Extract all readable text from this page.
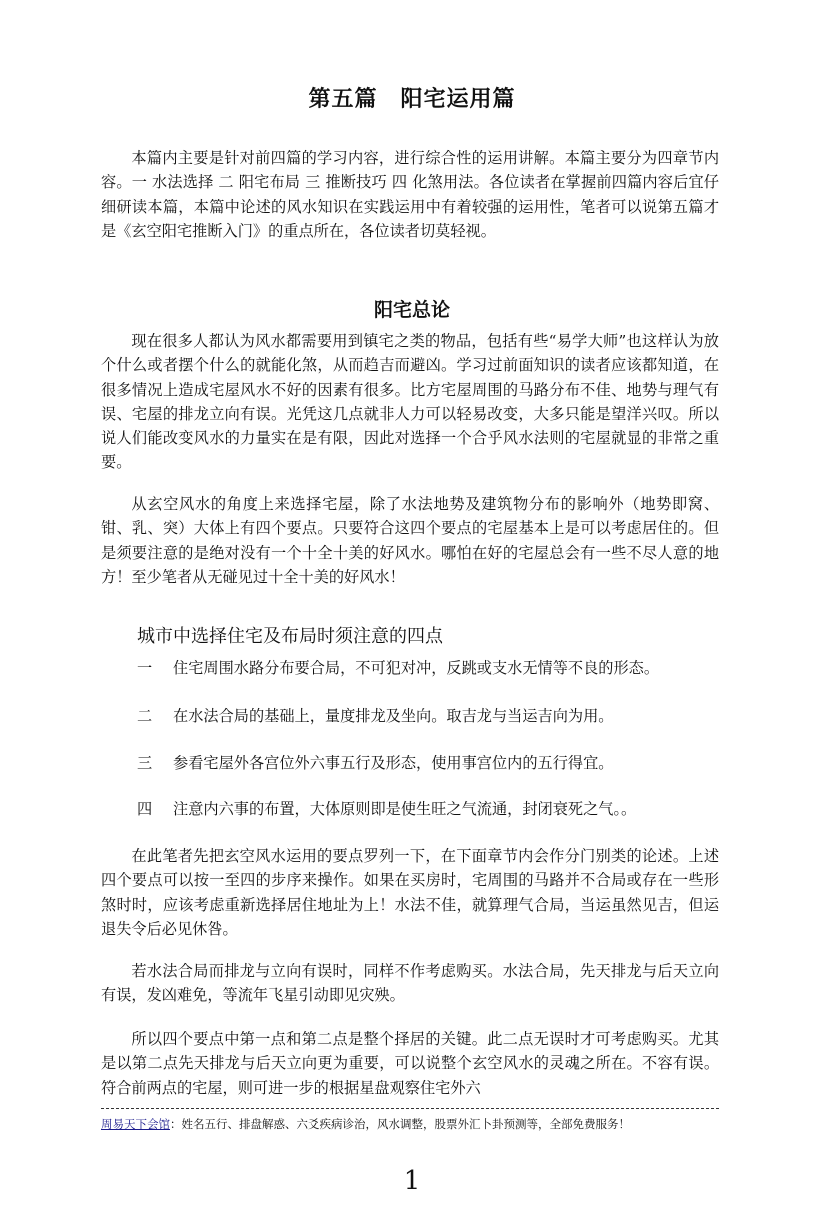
第五篇　阳宅运用篇

本篇内主要是针对前四篇的学习内容，进行综合性的运用讲解。本篇主要分为四章节内容。一 水法选择 二 阳宅布局 三 推断技巧 四 化煞用法。各位读者在掌握前四篇内容后宜仔细研读本篇，本篇中论述的风水知识在实践运用中有着较强的运用性，笔者可以说第五篇才是《玄空阳宅推断入门》的重点所在，各位读者切莫轻视。

阳宅总论

现在很多人都认为风水都需要用到镇宅之类的物品，包括有些“易学大师”也这样认为放个什么或者摆个什么的就能化煞，从而趋吉而避凶。学习过前面知识的读者应该都知道，在很多情况上造成宅屋风水不好的因素有很多。比方宅屋周围的马路分布不佳、地势与理气有误、宅屋的排龙立向有误。光凭这几点就非人力可以轻易改变，大多只能是望洋兴叹。所以说人们能改变风水的力量实在是有限，因此对选择一个合乎风水法则的宅屋就显的非常之重要。

从玄空风水的角度上来选择宅屋，除了水法地势及建筑物分布的影响外（地势即窝、钳、乳、突）大体上有四个要点。只要符合这四个要点的宅屋基本上是可以考虑居住的。但是须要注意的是绝对没有一个十全十美的好风水。哪怕在好的宅屋总会有一些不尽人意的地方！至少笔者从无碰见过十全十美的好风水！

城市中选择住宅及布局时须注意的四点

一 住宅周围水路分布要合局，不可犯对冲，反跳或支水无情等不良的形态。

二 在水法合局的基础上，量度排龙及坐向。取吉龙与当运吉向为用。

三 参看宅屋外各宫位外六事五行及形态，使用事宫位内的五行得宜。

四 注意内六事的布置，大体原则即是使生旺之气流通，封闭衰死之气。。

在此笔者先把玄空风水运用的要点罗列一下，在下面章节内会作分门别类的论述。上述四个要点可以按一至四的步序来操作。如果在买房时，宅周围的马路并不合局或存在一些形煞时时，应该考虑重新选择居住地址为上！水法不佳，就算理气合局，当运虽然见吉，但运退失令后必见休咎。

若水法合局而排龙与立向有误时，同样不作考虑购买。水法合局，先天排龙与后天立向有误，发凶难免，等流年飞星引动即见灾殃。

所以四个要点中第一点和第二点是整个择居的关键。此二点无误时才可考虑购买。尤其是以第二点先天排龙与后天立向更为重要，可以说整个玄空风水的灵魂之所在。不容有误。符合前两点的宅屋，则可进一步的根据星盘观察住宅外六

周易天下会馆：姓名五行、排盘解惑、六爻疾病诊治，风水调整，股票外汇卜卦预测等，全部免费服务！
1
